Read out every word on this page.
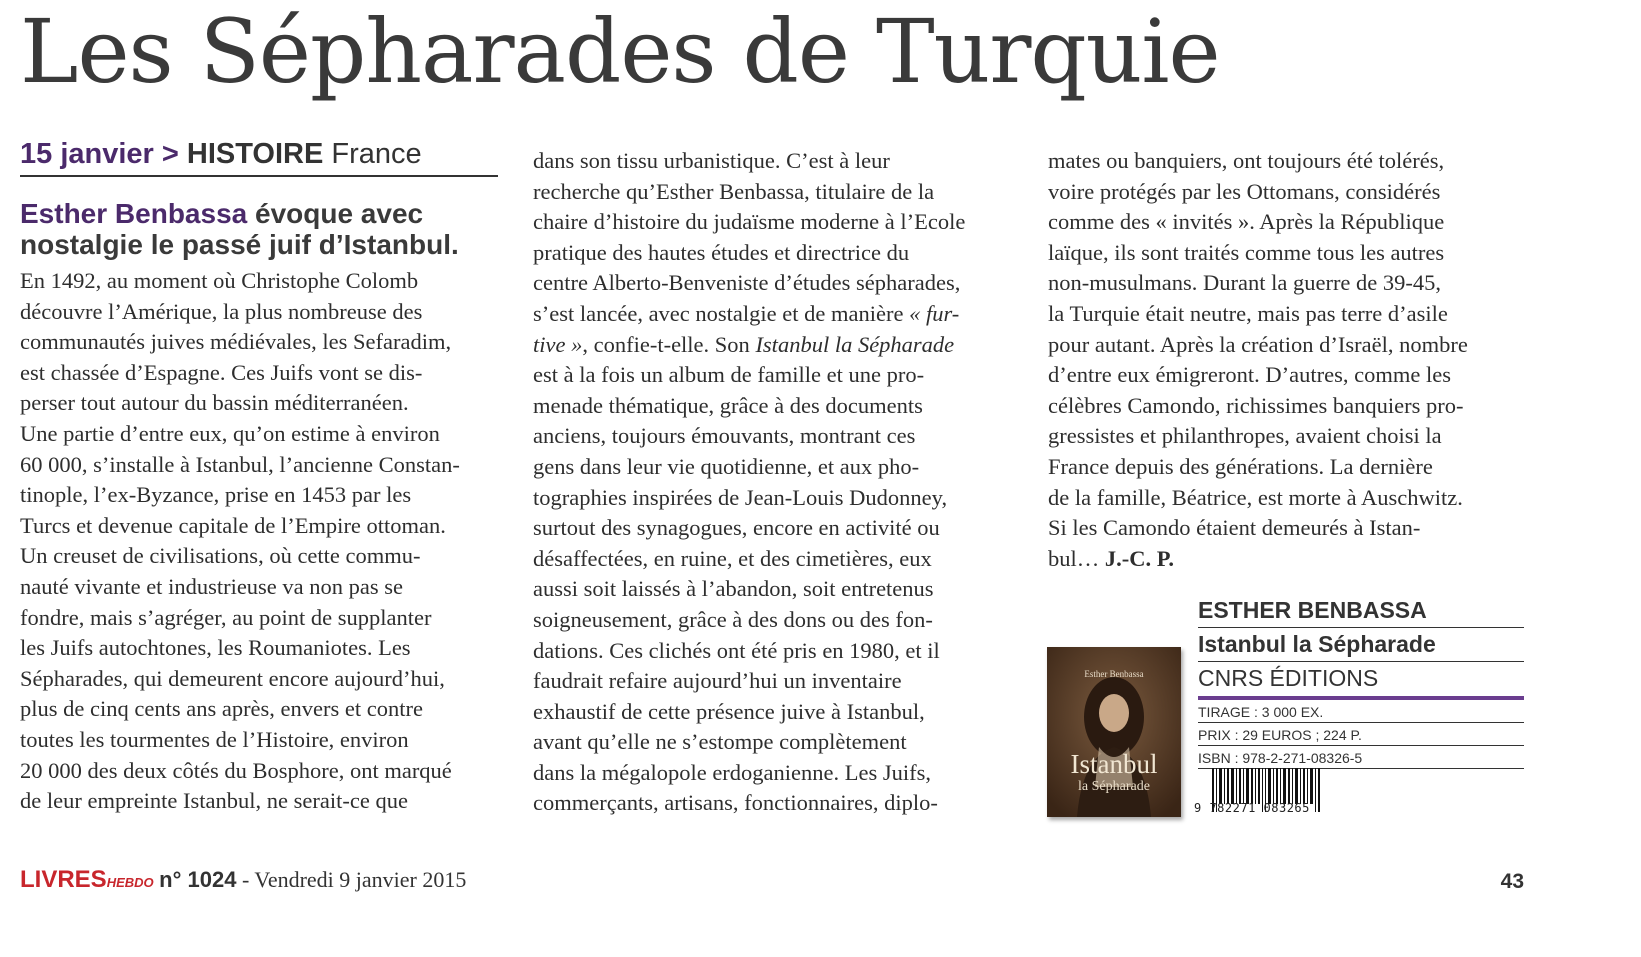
Les Sépharades de Turquie
15 janvier > HISTOIRE France
Esther Benbassa évoque avec nostalgie le passé juif d’Istanbul.

En 1492, au moment où Christophe Colomb
découvre l’Amérique, la plus nombreuse des
communautés juives médiévales, les Sefaradim,
est chassée d’Espagne. Ces Juifs vont se dis-
perser tout autour du bassin méditerranéen.
Une partie d’entre eux, qu’on estime à environ
60 000, s’installe à Istanbul, l’ancienne Constan-
tinople, l’ex-Byzance, prise en 1453 par les
Turcs et devenue capitale de l’Empire ottoman.
Un creuset de civilisations, où cette commu-
nauté vivante et industrieuse va non pas se
fondre, mais s’agréger, au point de supplanter
les Juifs autochtones, les Roumaniotes. Les
Sépharades, qui demeurent encore aujourd’hui,
plus de cinq cents ans après, envers et contre
toutes les tourmentes de l’Histoire, environ
20 000 des deux côtés du Bosphore, ont marqué
de leur empreinte Istanbul, ne serait-ce que

dans son tissu urbanistique. C’est à leur
recherche qu’Esther Benbassa, titulaire de la
chaire d’histoire du judaïsme moderne à l’Ecole
pratique des hautes études et directrice du
centre Alberto-Benveniste d’études sépharades,
s’est lancée, avec nostalgie et de manière « fur-
tive », confie-t-elle. Son Istanbul la Sépharade
est à la fois un album de famille et une pro-
menade thématique, grâce à des documents
anciens, toujours émouvants, montrant ces
gens dans leur vie quotidienne, et aux pho-
tographies inspirées de Jean-Louis Dudonney,
surtout des synagogues, encore en activité ou
désaffectées, en ruine, et des cimetières, eux
aussi soit laissés à l’abandon, soit entretenus
soigneusement, grâce à des dons ou des fon-
dations. Ces clichés ont été pris en 1980, et il
faudrait refaire aujourd’hui un inventaire
exhaustif de cette présence juive à Istanbul,
avant qu’elle ne s’estompe complètement
dans la mégalopole erdoganienne. Les Juifs,
commerçants, artisans, fonctionnaires, diplo-

mates ou banquiers, ont toujours été tolérés,
voire protégés par les Ottomans, considérés
comme des « invités ». Après la République
laïque, ils sont traités comme tous les autres
non-musulmans. Durant la guerre de 39-45,
la Turquie était neutre, mais pas terre d’asile
pour autant. Après la création d’Israël, nombre
d’entre eux émigreront. D’autres, comme les
célèbres Camondo, richissimes banquiers pro-
gressistes et philanthropes, avaient choisi la
France depuis des générations. La dernière
de la famille, Béatrice, est morte à Auschwitz.
Si les Camondo étaient demeurés à Istan-
bul… J.-C. P.

Esther Benbassa
Istanbul
la Sépharade
ESTHER BENBASSA
Istanbul la Sépharade
CNRS ÉDITIONS
TIRAGE : 3 000 EX.
PRIX : 29 EUROS ; 224 P.
ISBN : 978-2-271-08326-5
9 782271 083265
LIVRESHEBDO n° 1024 - Vendredi 9 janvier 2015	43
